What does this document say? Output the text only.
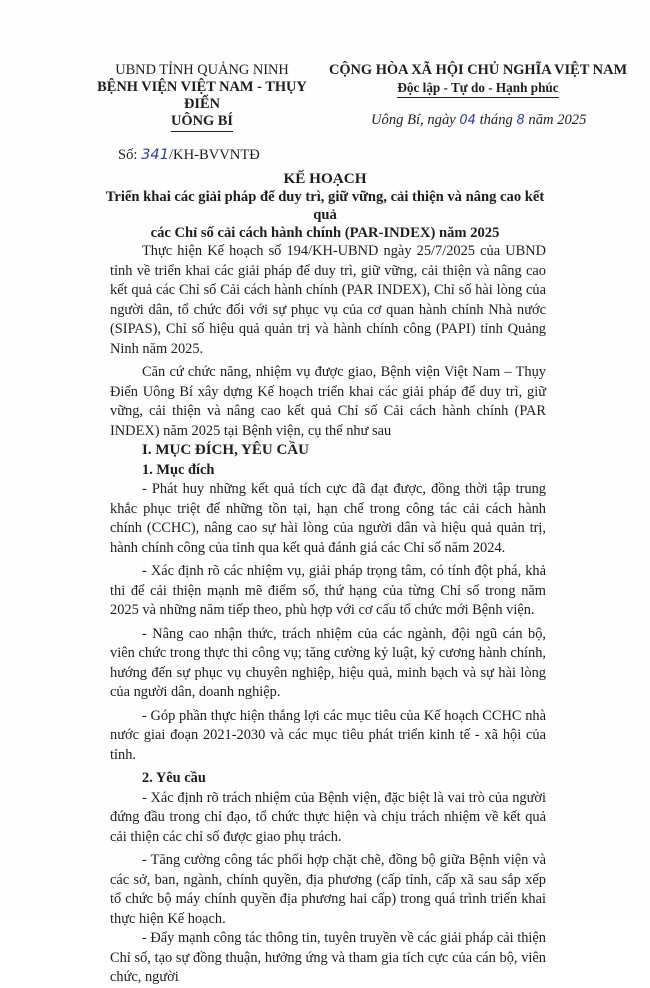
UBND TỈNH QUẢNG NINH
BỆNH VIỆN VIỆT NAM - THỤY ĐIỂN
UÔNG BÍ
CỘNG HÒA XÃ HỘI CHỦ NGHĨA VIỆT NAM
Độc lập - Tự do - Hạnh phúc
Số: 341/KH-BVVNTĐ
Uông Bí, ngày 04 tháng 8 năm 2025
KẾ HOẠCH
Triển khai các giải pháp để duy trì, giữ vững, cải thiện và nâng cao kết quả
các Chỉ số cải cách hành chính (PAR-INDEX) năm 2025

Thực hiện Kế hoạch số 194/KH-UBND ngày 25/7/2025 của UBND tỉnh về triển khai các giải pháp để duy trì, giữ vững, cải thiện và nâng cao kết quả các Chỉ số Cải cách hành chính (PAR INDEX), Chỉ số hài lòng của người dân, tổ chức đối với sự phục vụ của cơ quan hành chính Nhà nước (SIPAS), Chỉ số hiệu quả quản trị và hành chính công (PAPI) tỉnh Quảng Ninh năm 2025.

Căn cứ chức năng, nhiệm vụ được giao, Bệnh viện Việt Nam – Thụy Điển Uông Bí xây dựng Kế hoạch triển khai các giải pháp để duy trì, giữ vững, cải thiện và nâng cao kết quả Chỉ số Cải cách hành chính (PAR INDEX) năm 2025 tại Bệnh viện, cụ thể như sau

I. MỤC ĐÍCH, YÊU CẦU

1. Mục đích

- Phát huy những kết quả tích cực đã đạt được, đồng thời tập trung khắc phục triệt để những tồn tại, hạn chế trong công tác cải cách hành chính (CCHC), nâng cao sự hài lòng của người dân và hiệu quả quản trị, hành chính công của tỉnh qua kết quả đánh giá các Chỉ số năm 2024.

- Xác định rõ các nhiệm vụ, giải pháp trọng tâm, có tính đột phá, khả thi để cải thiện mạnh mẽ điểm số, thứ hạng của từng Chỉ số trong năm 2025 và những năm tiếp theo, phù hợp với cơ cấu tổ chức mới Bệnh viện.

- Nâng cao nhận thức, trách nhiệm của các ngành, đội ngũ cán bộ, viên chức trong thực thi công vụ; tăng cường kỷ luật, kỷ cương hành chính, hướng đến sự phục vụ chuyên nghiệp, hiệu quả, minh bạch và sự hài lòng của người dân, doanh nghiệp.

- Góp phần thực hiện thắng lợi các mục tiêu của Kế hoạch CCHC nhà nước giai đoạn 2021-2030 và các mục tiêu phát triển kinh tế - xã hội của tỉnh.

2. Yêu cầu

- Xác định rõ trách nhiệm của Bệnh viện, đặc biệt là vai trò của người đứng đầu trong chỉ đạo, tổ chức thực hiện và chịu trách nhiệm về kết quả cải thiện các chỉ số được giao phụ trách.

- Tăng cường công tác phối hợp chặt chẽ, đồng bộ giữa Bệnh viện và các sở, ban, ngành, chính quyền, địa phương (cấp tỉnh, cấp xã sau sắp xếp tổ chức bộ máy chính quyền địa phương hai cấp) trong quá trình triển khai thực hiện Kế hoạch.

- Đẩy mạnh công tác thông tin, tuyên truyền về các giải pháp cải thiện Chỉ số, tạo sự đồng thuận, hưởng ứng và tham gia tích cực của cán bộ, viên chức, người
